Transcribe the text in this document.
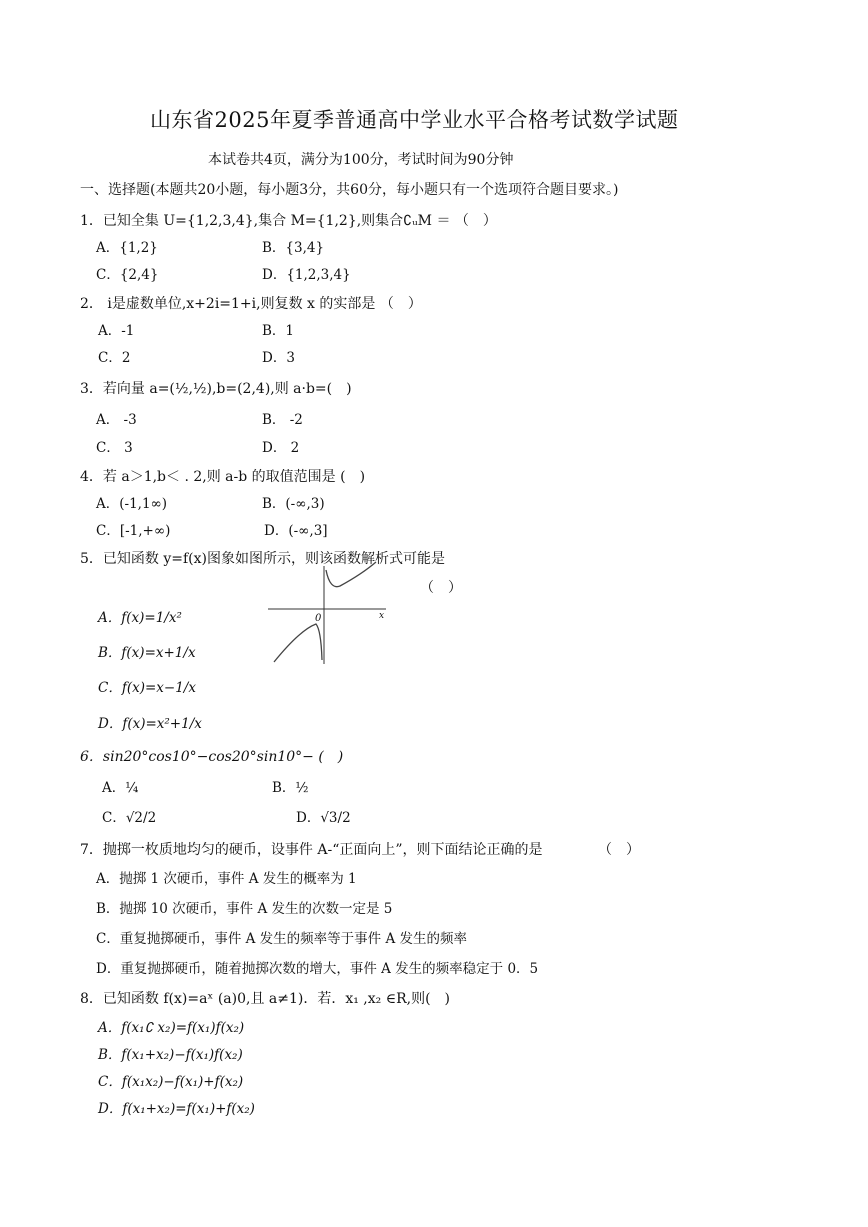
山东省2025年夏季普通高中学业水平合格考试数学试题
本试卷共4页，满分为100分，考试时间为90分钟
一、选择题(本题共20小题，每小题3分，共60分，每小题只有一个选项符合题目要求。)
1．已知全集 U={1,2,3,4},集合 M={1,2},则集合∁ᵤM ＝ （　）
A．{1,2}	B．{3,4}
C．{2,4}	D．{1,2,3,4}
2． i是虚数单位,x+2i=1+i,则复数 x 的实部是 （　）
A．-1	B．1
C．2	D．3
3．若向量 a=(½,½),b=(2,4),则 a·b=(　)
A． -3	B． -2
C． 3	D． 2
4．若 a＞1,b＜ . 2,则 a-b 的取值范围是 (　)
A．(-1,1∞)	B．(-∞,3)
C．[-1,+∞)	D．(-∞,3]
5．已知函数 y=f(x)图象如图所示，则该函数解析式可能是
（　）
A．f(x)=1/x²
B．f(x)=x+1/x
C．f(x)=x−1/x
D．f(x)=x²+1/x
0	x
6．sin20°cos10°−cos20°sin10°− (　)
A．¼	B．½
C．√2/2	D．√3/2
7．抛掷一枚质地均匀的硬币，设事件 A-“正面向上”，则下面结论正确的是	（　）
A．抛掷 1 次硬币，事件 A 发生的概率为 1
B．抛掷 10 次硬币，事件 A 发生的次数一定是 5
C．重复抛掷硬币，事件 A 发生的频率等于事件 A 发生的频率
D．重复抛掷硬币，随着抛掷次数的增大，事件 A 发生的频率稳定于 0．5
8．已知函数 f(x)=aˣ (a)0,且 a≠1)．若．x₁ ,x₂ ∈R,则(　)
A．f(x₁∁ x₂)=f(x₁)f(x₂)
B．f(x₁+x₂)−f(x₁)f(x₂)
C．f(x₁x₂)−f(x₁)+f(x₂)
D．f(x₁+x₂)=f(x₁)+f(x₂)
